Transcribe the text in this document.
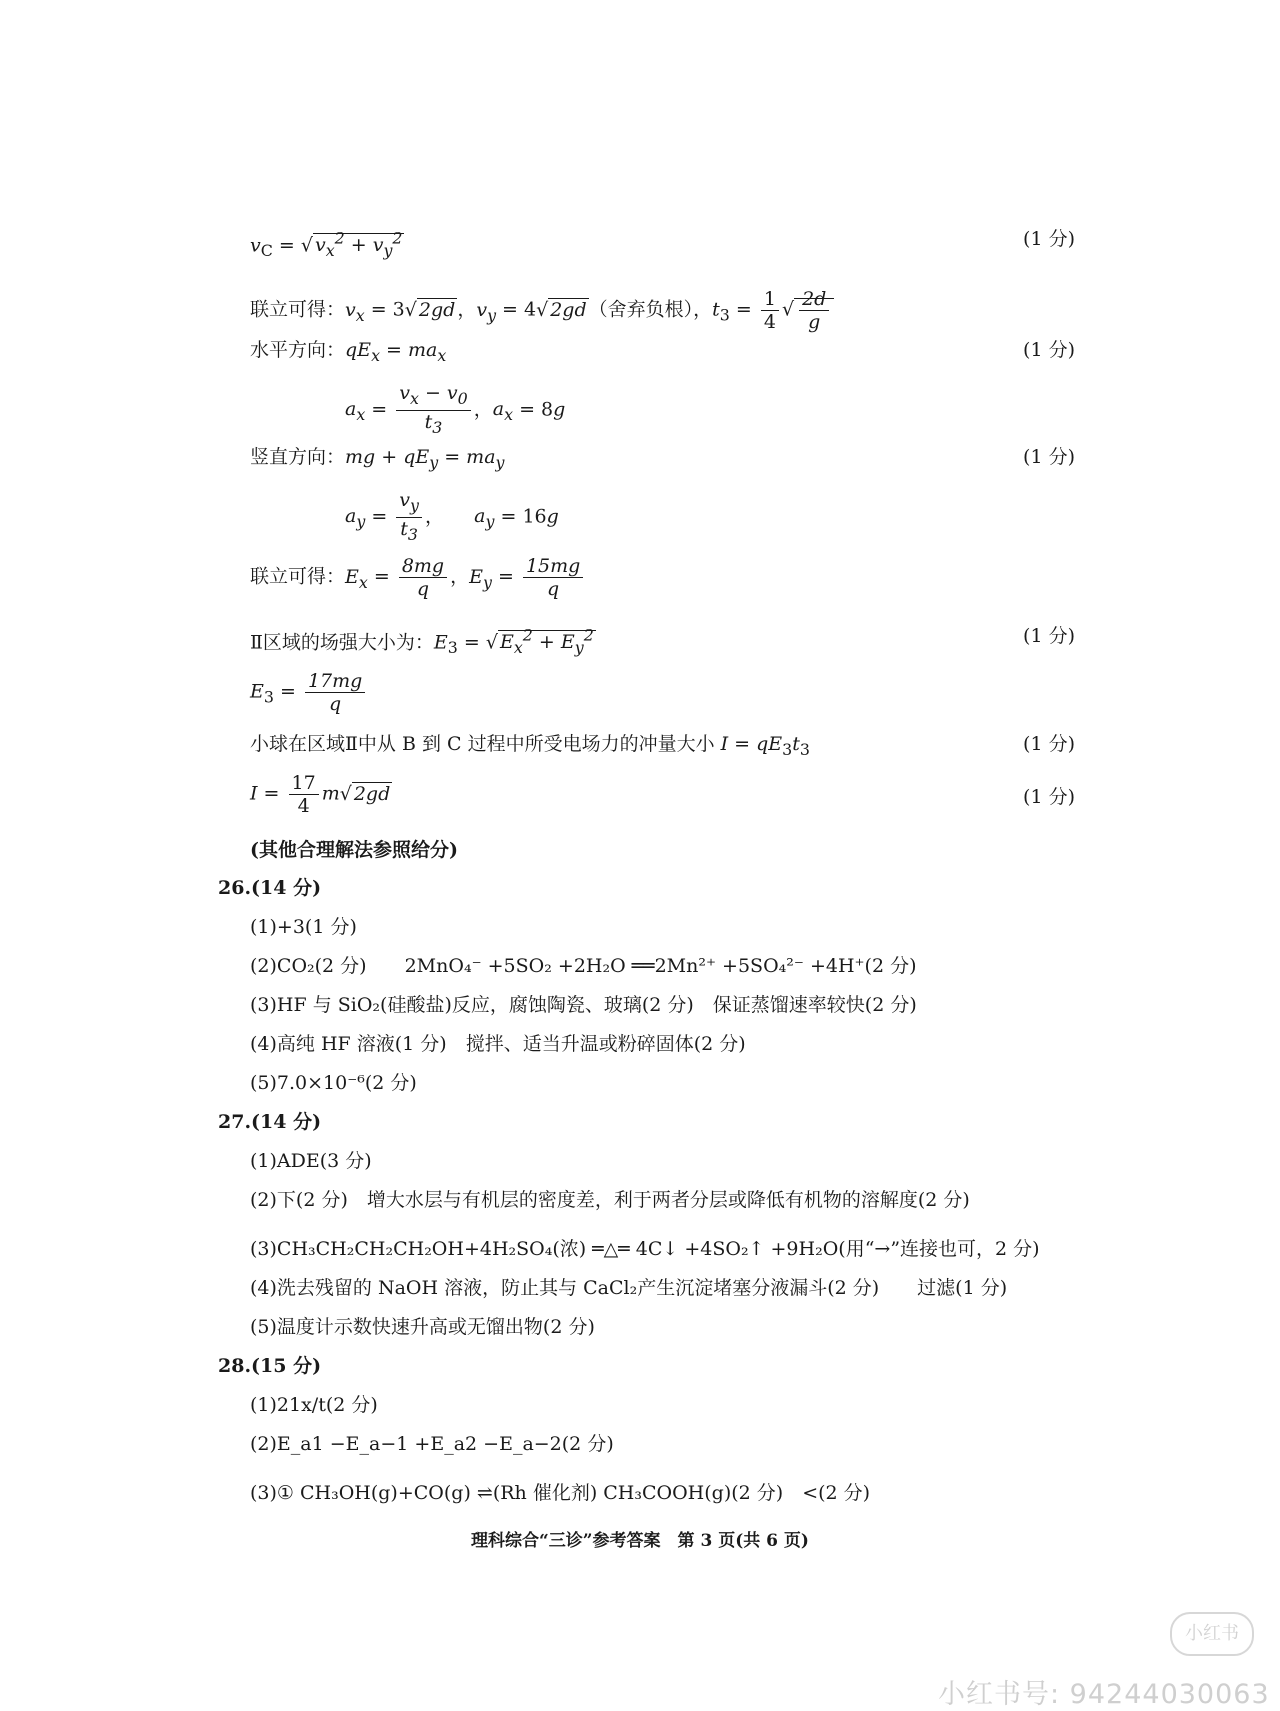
$v_C$ = √ $v_x^2 + v_y^2$	(1 分)
联立可得：$v_x = 3√$ 2gd ，$v_y = 4√$ 2gd （舍弃负根），$t_3 = \frac{1}{4}$ √ $\frac{2d}{g}$
水平方向：$qE_x = ma_x$	(1 分)
$a_x = \frac{v_x - v_0}{t_3}$ ，$a_x = 8g$
竖直方向：mg + $qE_y = ma_y$	(1 分)
$a_y = \frac{v_y}{t_3}$ ，     $a_y = 16g$
联立可得：$E_x = \frac{8mg}{q}$ ，$E_y = \frac{15mg}{q}$
Ⅱ区域的场强大小为：$E_3$ = √ $E_x^2 + E_y^2$	(1 分)
$E_3 = \frac{17mg}{q}$
小球在区域Ⅱ中从 B 到 C 过程中所受电场力的冲量大小 $I = qE_3t_3$	(1 分)
$I = \frac{17}{4} m√$ 2gd	(1 分)
(其他合理解法参照给分)
26.(14 分)
(1)+3(1 分)
(2)CO₂(2 分)　　2MnO₄⁻ +5SO₂ +2H₂O ══2Mn²⁺ +5SO₄²⁻ +4H⁺(2 分)
(3)HF 与 SiO₂(硅酸盐)反应，腐蚀陶瓷、玻璃(2 分)　保证蒸馏速率较快(2 分)
(4)高纯 HF 溶液(1 分)　搅拌、适当升温或粉碎固体(2 分)
(5)7.0×10⁻⁶(2 分)
27.(14 分)
(1)ADE(3 分)
(2)下(2 分)　增大水层与有机层的密度差，利于两者分层或降低有机物的溶解度(2 分)
(3)CH₃CH₂CH₂CH₂OH+4H₂SO₄(浓) ═△═ 4C↓ +4SO₂↑ +9H₂O(用“→”连接也可，2 分)
(4)洗去残留的 NaOH 溶液，防止其与 CaCl₂产生沉淀堵塞分液漏斗(2 分)　　过滤(1 分)
(5)温度计示数快速升高或无馏出物(2 分)
28.(15 分)
(1)21x/t(2 分)
(2)E_a1 −E_a−1 +E_a2 −E_a−2(2 分)
(3)① CH₃OH(g)+CO(g) ⇌(Rh 催化剂) CH₃COOH(g)(2 分)　<(2 分)
理科综合“三诊”参考答案　第 3 页(共 6 页)
小红书
小红书号: 94244030063
